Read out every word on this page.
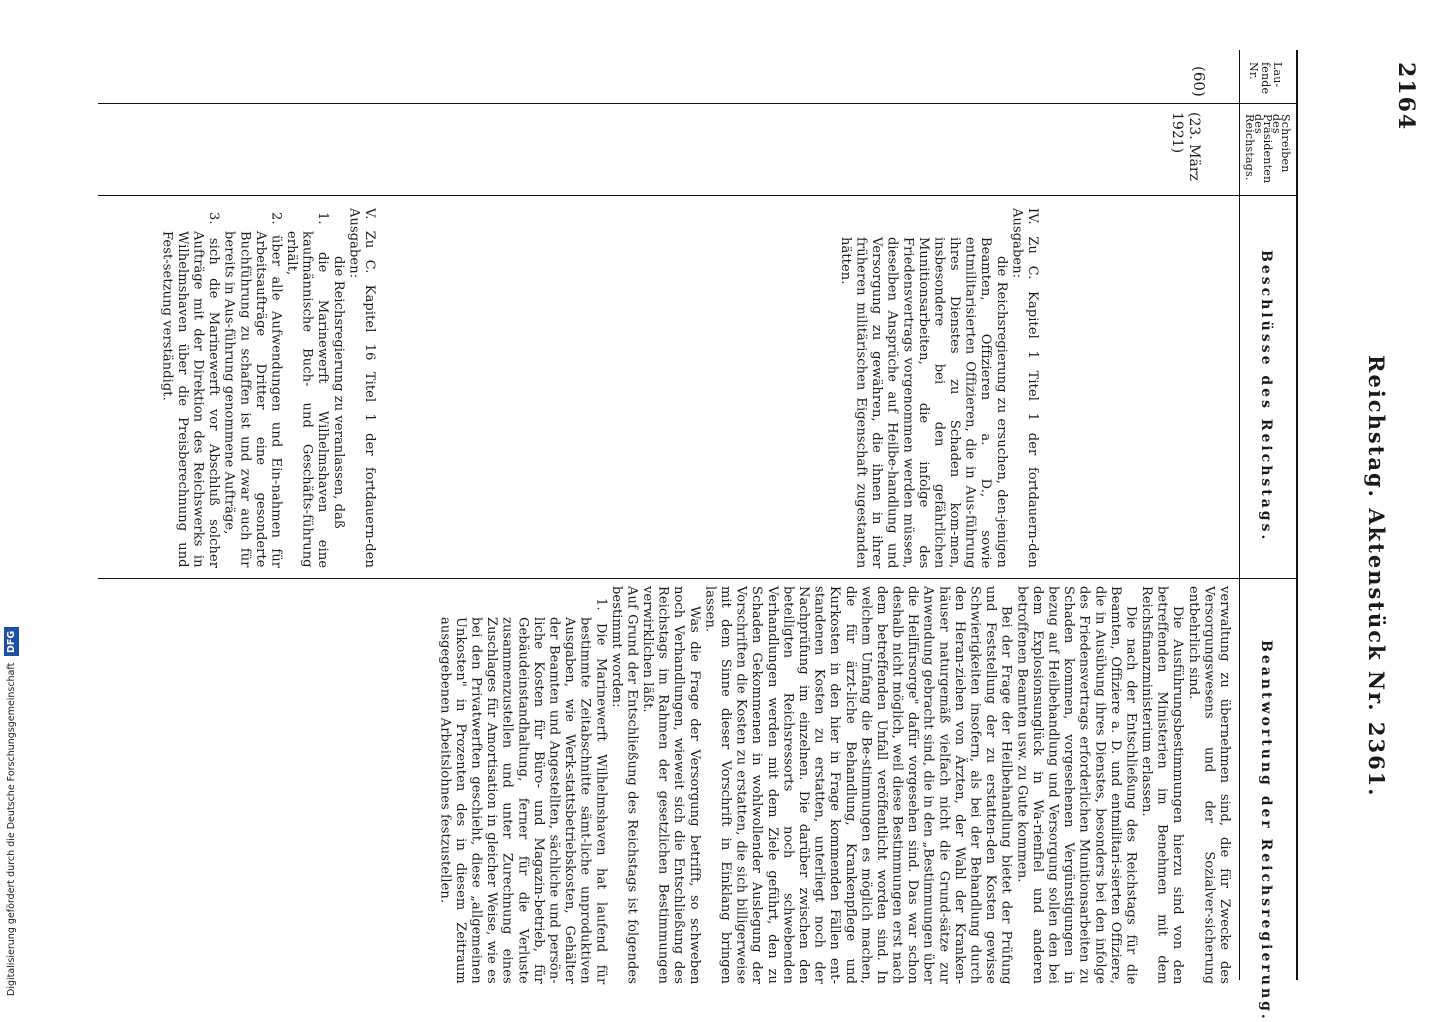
2164
Reichstag. Aktenstück Nr. 2361.
Lau-
fende
Nr.
Schreiben
des
Präsidenten
des
Reichstags.
Beschlüsse des Reichstags.
Beantwortung der Reichsregierung.
(60)
(23. März
1921)

IV. Zu C. Kapitel 1 Titel 1 der fortdauern-den Ausgaben:

die Reichsregierung zu ersuchen, den-jenigen Beamten, Offizieren a. D., sowie entmilitarisierten Offizieren, die in Aus-führung ihres Dienstes zu Schaden kom-men, insbesondere bei den gefährlichen Munitionsarbeiten, die infolge des Friedensvertrags vorgenommen werden müssen, dieselben Ansprüche auf Heilbe-handlung und Versorgung zu gewähren, die ihnen in ihrer früheren militärischen Eigenschaft zugestanden hätten.

V. Zu C. Kapitel 16 Titel 1 der fortdauern-den Ausgaben:

die Reichsregierung zu veranlassen, daß

1. die Marinewerft Wilhelmshaven eine kaufmännische Buch- und Geschäfts-führung erhält,

2. über alle Aufwendungen und Ein-nahmen für Arbeitsaufträge Dritter eine gesonderte Buchführung zu schaffen ist und zwar auch für bereits in Aus-führung genommene Aufträge,

3. sich die Marinewerft vor Abschluß solcher Aufträge mit der Direktion des Reichswerks in Wilhelmshaven über die Preisberechnung und Fest-setzung verständigt.

verwaltung zu übernehmen sind, die für Zwecke des Versorgungswesens und der Sozialver-sicherung entbehrlich sind.

Die Ausführungsbestimmungen hierzu sind von den betreffenden Ministerien im Benehmen mit dem Reichsfinanzministerium erlassen.

Die nach der Entschließung des Reichstags für die Beamten, Offiziere a. D. und entmilitari-sierten Offiziere, die in Ausübung ihres Dienstes, besonders bei den infolge des Friedensvertrags erforderlichen Munitionsarbeiten zu Schaden kommen, vorgesehenen Vergünstigungen in bezug auf Heilbehandlung und Versorgung sollen den bei dem Explosionsunglück in Wa-rienfiel und anderen betroffenen Beamten usw. zu Gute kommen.

Bei der Frage der Heilbehandlung bietet der Prüfung und Feststellung der zu erstatten-den Kosten gewisse Schwierigkeiten insofern, als bei der Behandlung durch den Heran-ziehen von Ärzten, der Wahl der Kranken-häuser naturgemäß vielfach nicht die Grund-sätze zur Anwendung gebracht sind, die in den „Bestimmungen über die Heilfürsorge" dafür vorgesehen sind. Das war schon deshalb nicht möglich, weil diese Bestimmungen erst nach dem betreffenden Unfall veröffentlicht worden sind. In welchem Umfang die Be-stimmungen es möglich machen, die für ärzt-liche Behandlung, Krankenpflege und Kurkosten in den hier in Frage kommenden Fällen ent-standenen Kosten zu erstatten, unterliegt noch der Nachprüfung im einzelnen. Die darüber zwischen den beteiligten Reichsressorts noch schwebenden Verhandlungen werden mit dem Ziele geführt, den zu Schaden Gekommenen in wohlwollender Auslegung der Vorschriften die Kosten zu erstatten, die sich billigerweise mit dem Sinne dieser Vorschrift in Einklang bringen lassen.

Was die Frage der Versorgung betrifft, so schweben noch Verhandlungen, wieweit sich die Entschließung des Reichstags im Rahmen der gesetzlichen Bestimmungen verwirklichen läßt.

Auf Grund der Entschließung des Reichstags ist folgendes bestimmt worden:

1. Die Marinewerft Wilhelmshaven hat laufend für bestimmte Zeitabschnitte sämt-liche unproduktiven Ausgaben, wie Werk-stattsbetriebskosten, Gehälter der Beamten und Angestellten, sächliche und persön-liche Kosten für Büro- und Magazin-betrieb, für Gebäudeinstandhaltung, ferner für die Verluste zusammenzustellen und unter Zurechnung eines Zuschlages für Amortisation in gleicher Weise, wie es bei den Privatwerften geschieht, diese „allgemeinen Unkosten" in Prozenten des in diesem Zeitraum ausgegebenen Arbeitslohnes festzustellen.

Digitalisierung gefördert durch die Deutsche Forschungsgemeinschaft DFG
